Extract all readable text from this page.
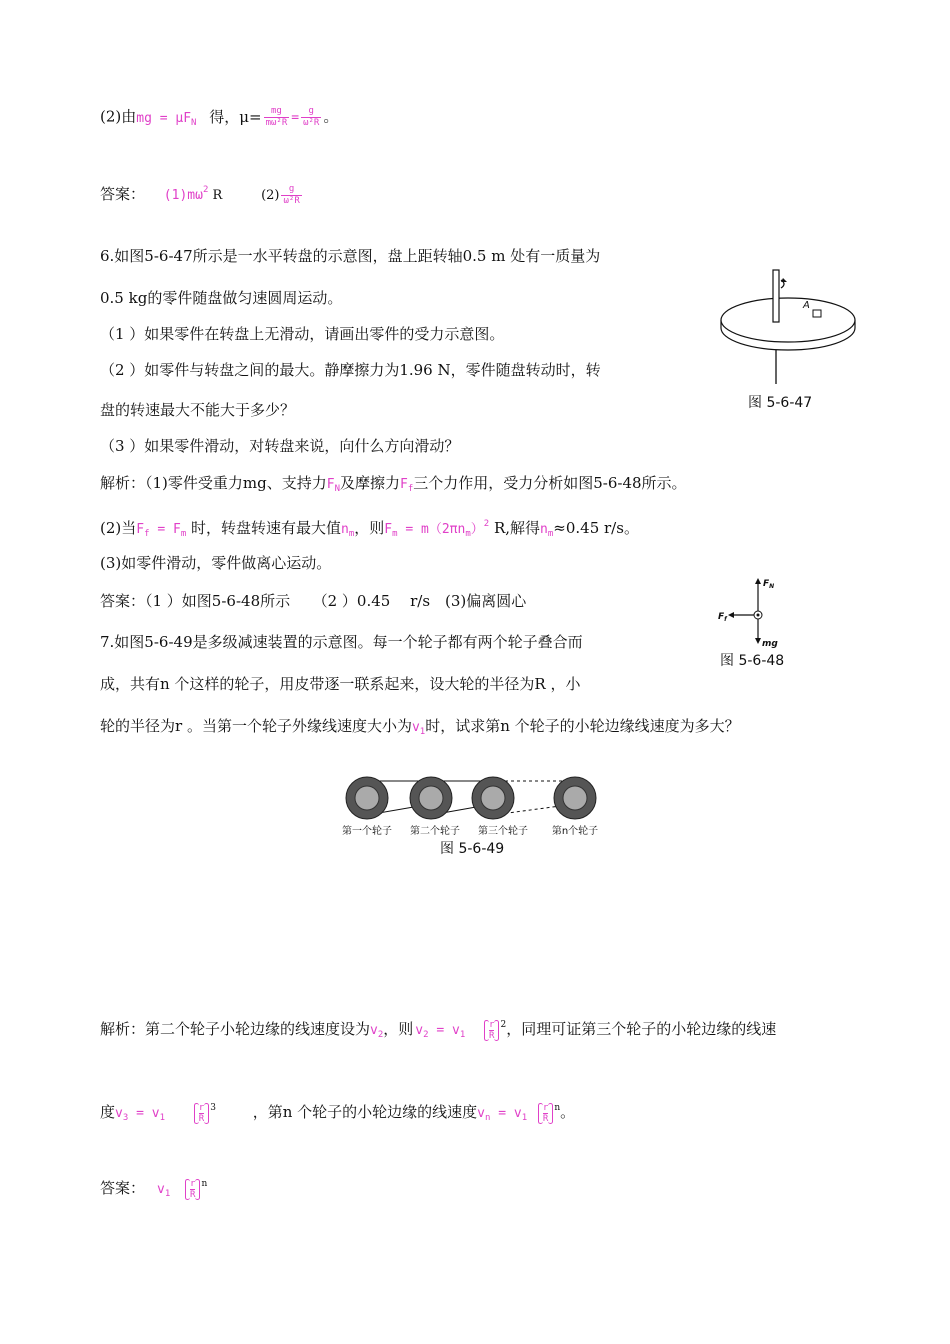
(2)由mg = $\mu F_N$ 得，$\mu= \frac{mg}{\text{mω²R}} = \frac{g}{\text{ω²R}}$ 。
答案： $(1)m\omega^2$ R	$(2) \frac{g}{\text{ω²R}}$
6.如图5-6-47所示是一水平转盘的示意图，盘上距转轴0.5 m 处有一质量为
0.5 kg的零件随盘做匀速圆周运动。
（1 ）如果零件在转盘上无滑动，请画出零件的受力示意图。
（2 ）如零件与转盘之间的最大。静摩擦力为1.96 N，零件随盘转动时，转
盘的转速最大不能大于多少？
（3 ）如果零件滑动，对转盘来说，向什么方向滑动？
解析：（1)零件受重力mg、支持力$F_N$及摩擦力$F_f$三个力作用，受力分析如图5-6-48所示。
(2)当$F_f = F_m$ 时，转盘转速有最大值$n_m$，则$F_m = m(2\pi n_m)^2$ R,解得$n_m\approx 0.45$ r/s。
(3)如零件滑动，零件做离心运动。
答案：（1 ）如图5-6-48所示　　（2 ）0.45　 r/s　(3)偏离圆心
A
图 5-6-47
$F_N$
$F_f$
mg
图 5-6-48
7.如图5-6-49是多级减速装置的示意图。每一个轮子都有两个轮子叠合而
成，共有n 个这样的轮子，用皮带逐一联系起来，设大轮的半径为R ，小
轮的半径为r 。当第一个轮子外缘线速度大小为$v_1$时，试求第n 个轮子的小轮边缘线速度为多大？
第一个轮子 第二个轮子 第三个轮子 第n个轮子
图 5-6-49
解析：第二个轮子小轮边缘的线速度设为$v_2$，则 $v_2 = v_1 \frac{r}{R} ^2$，同理可证第三个轮子的小轮边缘的线速
度$v_3 = v_1$	$\frac{r}{R} ^3$ ，第n 个轮子的小轮边缘的线速度$v_n = v_1 \frac{r}{R} ^n$。
答案： $v_1 \frac{r}{R} ^n$
